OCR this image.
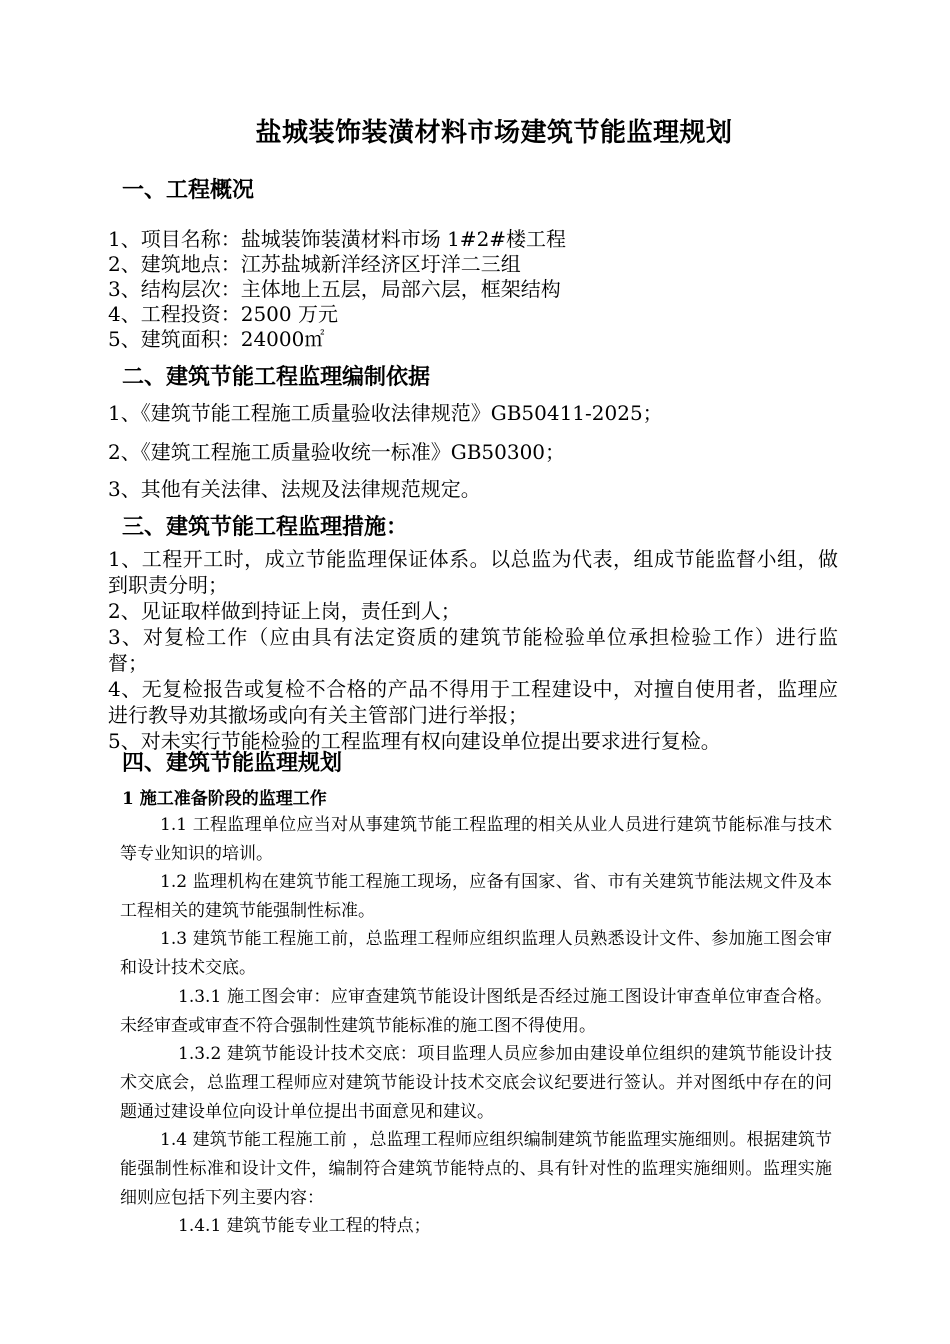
盐城装饰装潢材料市场建筑节能监理规划
一、工程概况

1、项目名称：盐城装饰装潢材料市场 1#2#楼工程

2、建筑地点：江苏盐城新洋经济区圩洋二三组

3、结构层次：主体地上五层，局部六层，框架结构

4、工程投资：2500 万元

5、建筑面积：24000㎡

二、建筑节能工程监理编制依据

1、《建筑节能工程施工质量验收法律规范》GB50411-2025；

2、《建筑工程施工质量验收统一标准》GB50300；

3、其他有关法律、法规及法律规范规定。

三、建筑节能工程监理措施：

1、工程开工时，成立节能监理保证体系。以总监为代表，组成节能监督小组，做到职责分明；

2、见证取样做到持证上岗，责任到人；

3、对复检工作（应由具有法定资质的建筑节能检验单位承担检验工作）进行监督；

4、无复检报告或复检不合格的产品不得用于工程建设中，对擅自使用者，监理应进行教导劝其撤场或向有关主管部门进行举报；

5、对未实行节能检验的工程监理有权向建设单位提出要求进行复检。

四、建筑节能监理规划
1 施工准备阶段的监理工作

1.1 工程监理单位应当对从事建筑节能工程监理的相关从业人员进行建筑节能标准与技术等专业知识的培训。

1.2 监理机构在建筑节能工程施工现场，应备有国家、省、市有关建筑节能法规文件及本工程相关的建筑节能强制性标准。

1.3 建筑节能工程施工前，总监理工程师应组织监理人员熟悉设计文件、参加施工图会审和设计技术交底。

1.3.1 施工图会审：应审查建筑节能设计图纸是否经过施工图设计审查单位审查合格。未经审查或审查不符合强制性建筑节能标准的施工图不得使用。

1.3.2 建筑节能设计技术交底：项目监理人员应参加由建设单位组织的建筑节能设计技术交底会，总监理工程师应对建筑节能设计技术交底会议纪要进行签认。并对图纸中存在的问题通过建设单位向设计单位提出书面意见和建议。

1.4 建筑节能工程施工前 ，总监理工程师应组织编制建筑节能监理实施细则。根据建筑节能强制性标准和设计文件，编制符合建筑节能特点的、具有针对性的监理实施细则。监理实施细则应包括下列主要内容：

1.4.1 建筑节能专业工程的特点；
